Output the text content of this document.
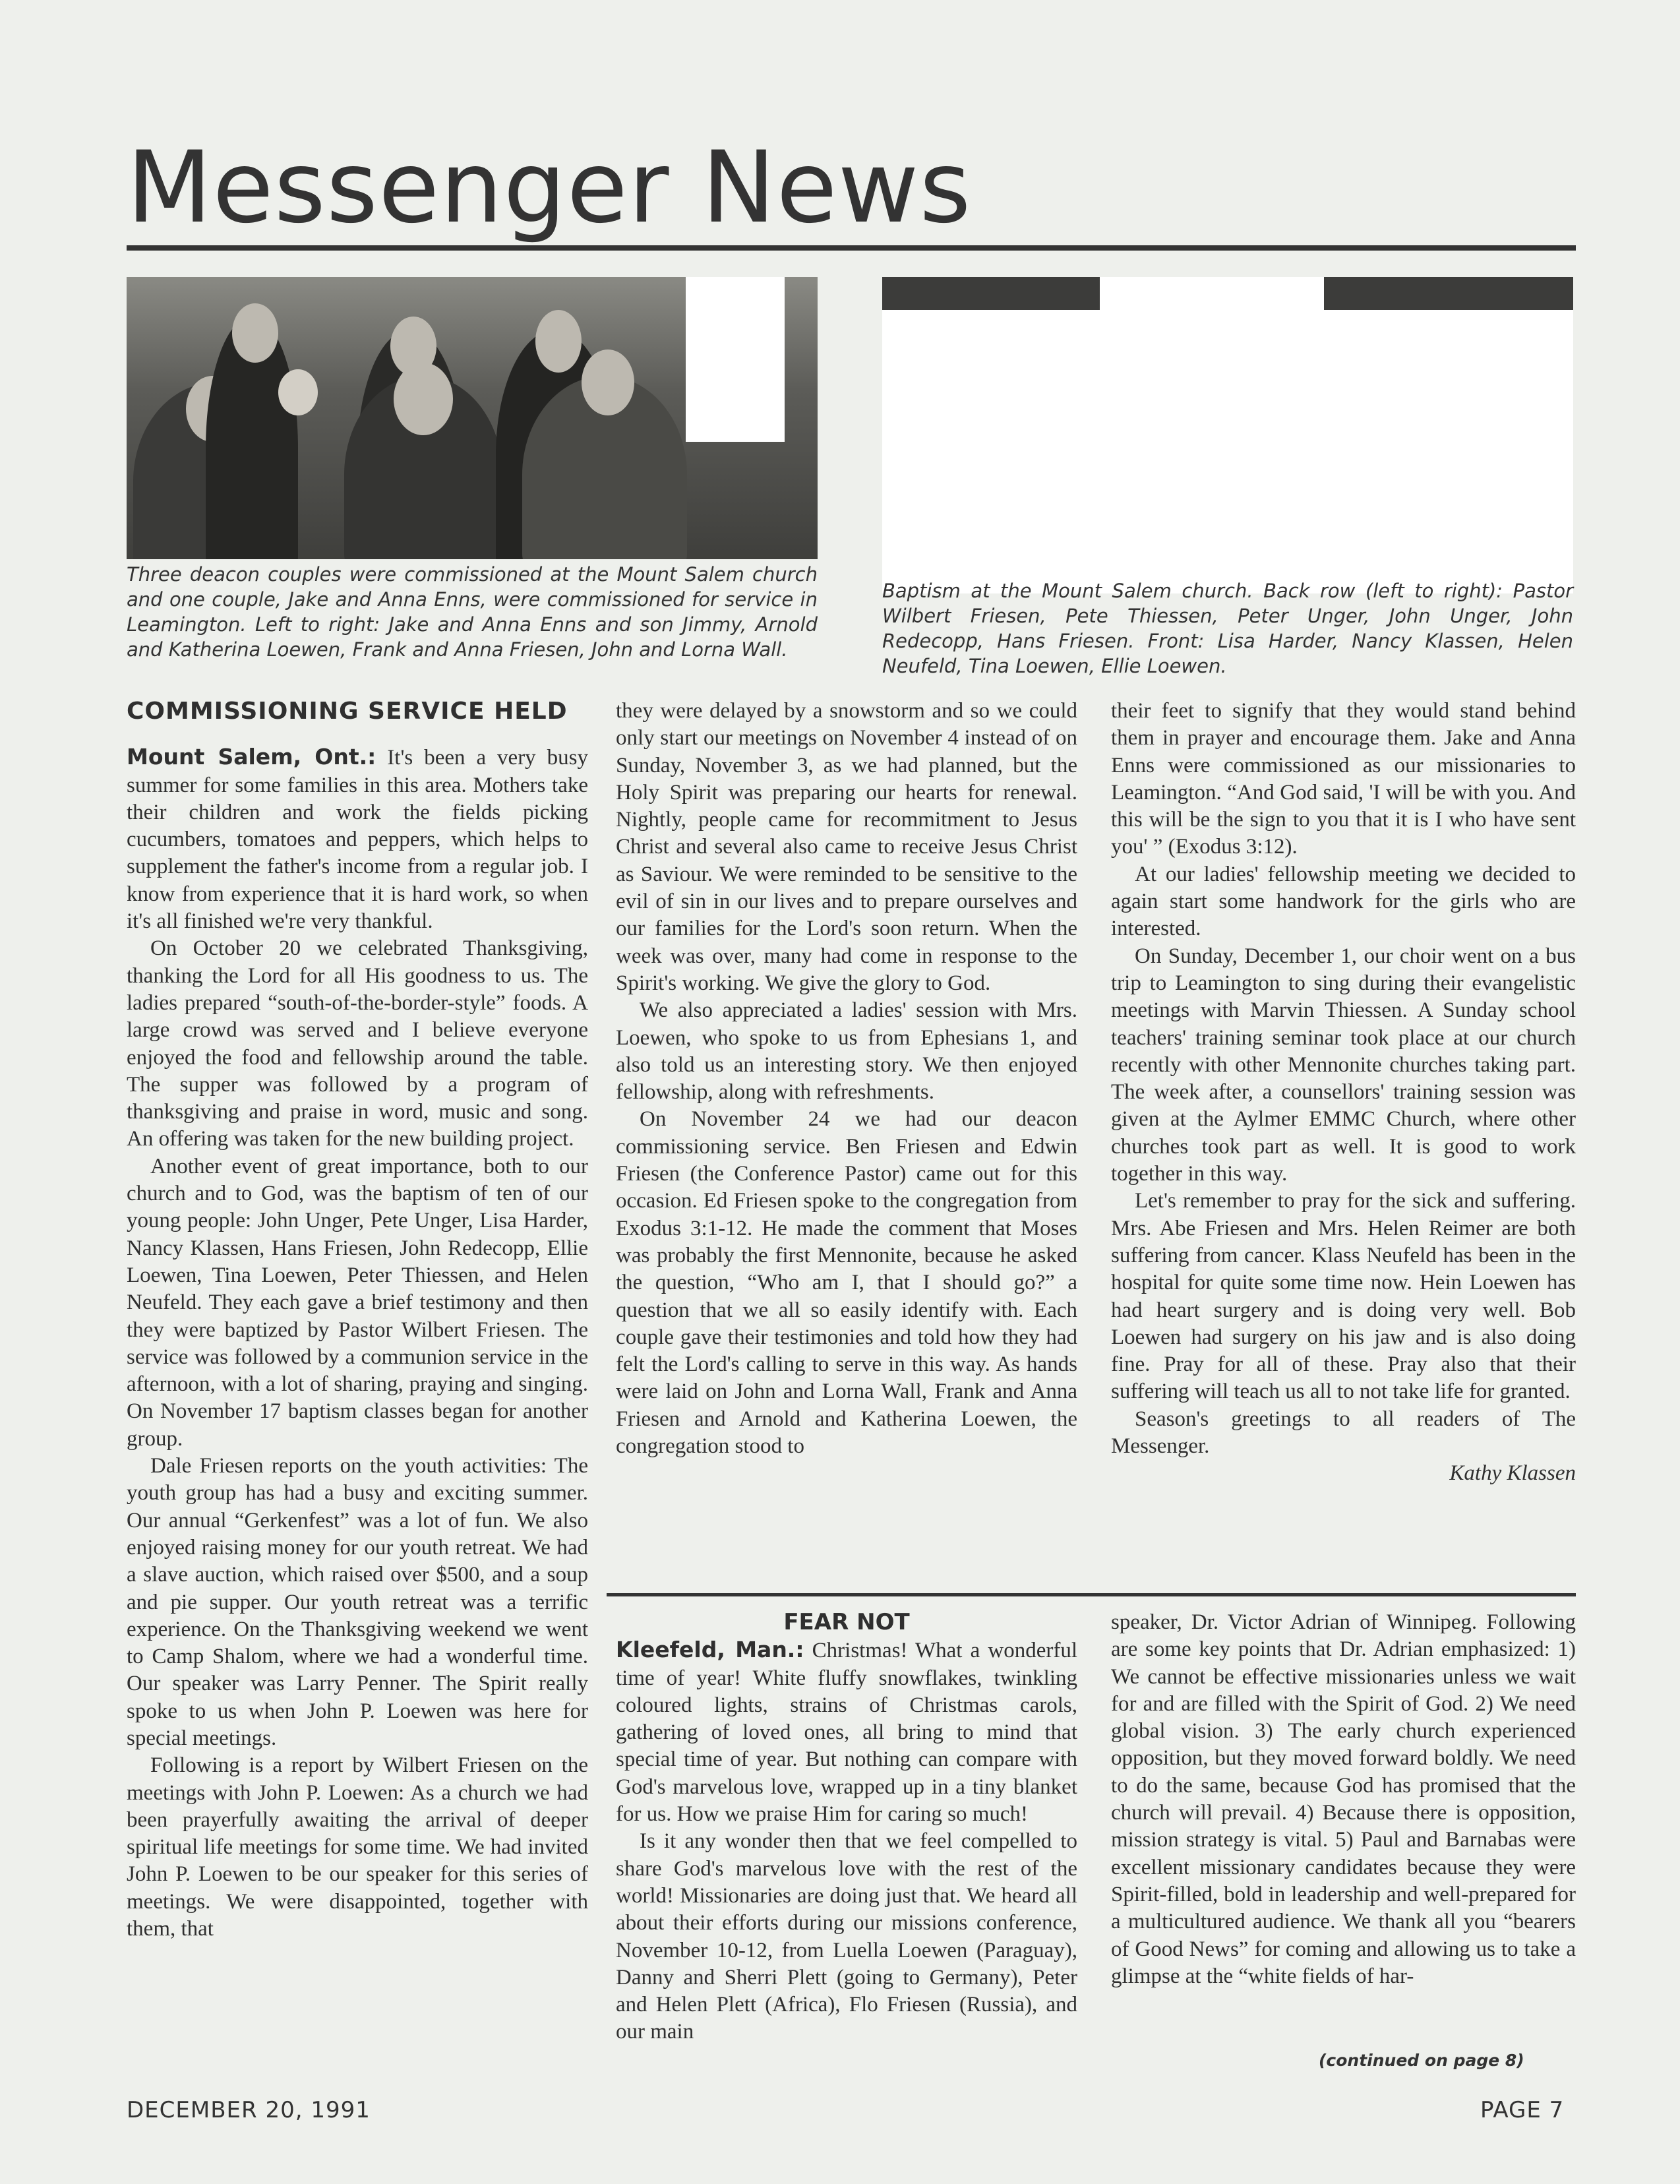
Messenger News
Three deacon couples were commissioned at the Mount Salem church and one couple, Jake and Anna Enns, were commissioned for service in Leamington. Left to right: Jake and Anna Enns and son Jimmy, Arnold and Katherina Loewen, Frank and Anna Friesen, John and Lorna Wall.
Baptism at the Mount Salem church. Back row (left to right): Pastor Wilbert Friesen, Pete Thiessen, Peter Unger, John Unger, John Redecopp, Hans Friesen. Front: Lisa Harder, Nancy Klassen, Helen Neufeld, Tina Loewen, Ellie Loewen.
COMMISSIONING SERVICE HELD

Mount Salem, Ont.: It's been a very busy summer for some families in this area. Mothers take their children and work the fields picking cucumbers, tomatoes and peppers, which helps to supplement the father's income from a regular job. I know from experience that it is hard work, so when it's all finished we're very thankful.

On October 20 we celebrated Thanksgiving, thanking the Lord for all His goodness to us. The ladies prepared “south-of-the-border-style” foods. A large crowd was served and I believe everyone enjoyed the food and fellowship around the table. The supper was followed by a program of thanksgiving and praise in word, music and song. An offering was taken for the new building project.

Another event of great importance, both to our church and to God, was the baptism of ten of our young people: John Unger, Pete Unger, Lisa Harder, Nancy Klassen, Hans Friesen, John Redecopp, Ellie Loewen, Tina Loewen, Peter Thiessen, and Helen Neufeld. They each gave a brief testimony and then they were baptized by Pastor Wilbert Friesen. The service was followed by a communion service in the afternoon, with a lot of sharing, praying and singing. On November 17 baptism classes began for another group.

Dale Friesen reports on the youth activities: The youth group has had a busy and exciting summer. Our annual “Gerkenfest” was a lot of fun. We also enjoyed raising money for our youth retreat. We had a slave auction, which raised over $500, and a soup and pie supper. Our youth retreat was a terrific experience. On the Thanksgiving weekend we went to Camp Shalom, where we had a wonderful time. Our speaker was Larry Penner. The Spirit really spoke to us when John P. Loewen was here for special meetings.

Following is a report by Wilbert Friesen on the meetings with John P. Loewen: As a church we had been prayerfully awaiting the arrival of deeper spiritual life meetings for some time. We had invited John P. Loewen to be our speaker for this series of meetings. We were disappointed, together with them, that

they were delayed by a snowstorm and so we could only start our meetings on November 4 instead of on Sunday, November 3, as we had planned, but the Holy Spirit was preparing our hearts for renewal. Nightly, people came for recommitment to Jesus Christ and several also came to receive Jesus Christ as Saviour. We were reminded to be sensitive to the evil of sin in our lives and to prepare ourselves and our families for the Lord's soon return. When the week was over, many had come in response to the Spirit's working. We give the glory to God.

We also appreciated a ladies' session with Mrs. Loewen, who spoke to us from Ephesians 1, and also told us an interesting story. We then enjoyed fellowship, along with refreshments.

On November 24 we had our deacon commissioning service. Ben Friesen and Edwin Friesen (the Conference Pastor) came out for this occasion. Ed Friesen spoke to the congregation from Exodus 3:1-12. He made the comment that Moses was probably the first Mennonite, because he asked the question, “Who am I, that I should go?” a question that we all so easily identify with. Each couple gave their testimonies and told how they had felt the Lord's calling to serve in this way. As hands were laid on John and Lorna Wall, Frank and Anna Friesen and Arnold and Katherina Loewen, the congregation stood to

their feet to signify that they would stand behind them in prayer and encourage them. Jake and Anna Enns were commissioned as our missionaries to Leamington. “And God said, 'I will be with you. And this will be the sign to you that it is I who have sent you' ” (Exodus 3:12).

At our ladies' fellowship meeting we decided to again start some handwork for the girls who are interested.

On Sunday, December 1, our choir went on a bus trip to Leamington to sing during their evangelistic meetings with Marvin Thiessen. A Sunday school teachers' training seminar took place at our church recently with other Mennonite churches taking part. The week after, a counsellors' training session was given at the Aylmer EMMC Church, where other churches took part as well. It is good to work together in this way.

Let's remember to pray for the sick and suffering. Mrs. Abe Friesen and Mrs. Helen Reimer are both suffering from cancer. Klass Neufeld has been in the hospital for quite some time now. Hein Loewen has had heart surgery and is doing very well. Bob Loewen had surgery on his jaw and is also doing fine. Pray for all of these. Pray also that their suffering will teach us all to not take life for granted.

Season's greetings to all readers of The Messenger.

Kathy Klassen

FEAR NOT

Kleefeld, Man.: Christmas! What a wonderful time of year! White fluffy snowflakes, twinkling coloured lights, strains of Christmas carols, gathering of loved ones, all bring to mind that special time of year. But nothing can compare with God's marvelous love, wrapped up in a tiny blanket for us. How we praise Him for caring so much!

Is it any wonder then that we feel compelled to share God's marvelous love with the rest of the world! Missionaries are doing just that. We heard all about their efforts during our missions conference, November 10-12, from Luella Loewen (Paraguay), Danny and Sherri Plett (going to Germany), Peter and Helen Plett (Africa), Flo Friesen (Russia), and our main

speaker, Dr. Victor Adrian of Winnipeg. Following are some key points that Dr. Adrian emphasized: 1) We cannot be effective missionaries unless we wait for and are filled with the Spirit of God. 2) We need global vision. 3) The early church experienced opposition, but they moved forward boldly. We need to do the same, because God has promised that the church will prevail. 4) Because there is opposition, mission strategy is vital. 5) Paul and Barnabas were excellent missionary candidates because they were Spirit-filled, bold in leadership and well-prepared for a multicultured audience. We thank all you “bearers of Good News” for coming and allowing us to take a glimpse at the “white fields of har-

(continued on page 8)
DECEMBER 20, 1991	PAGE 7
